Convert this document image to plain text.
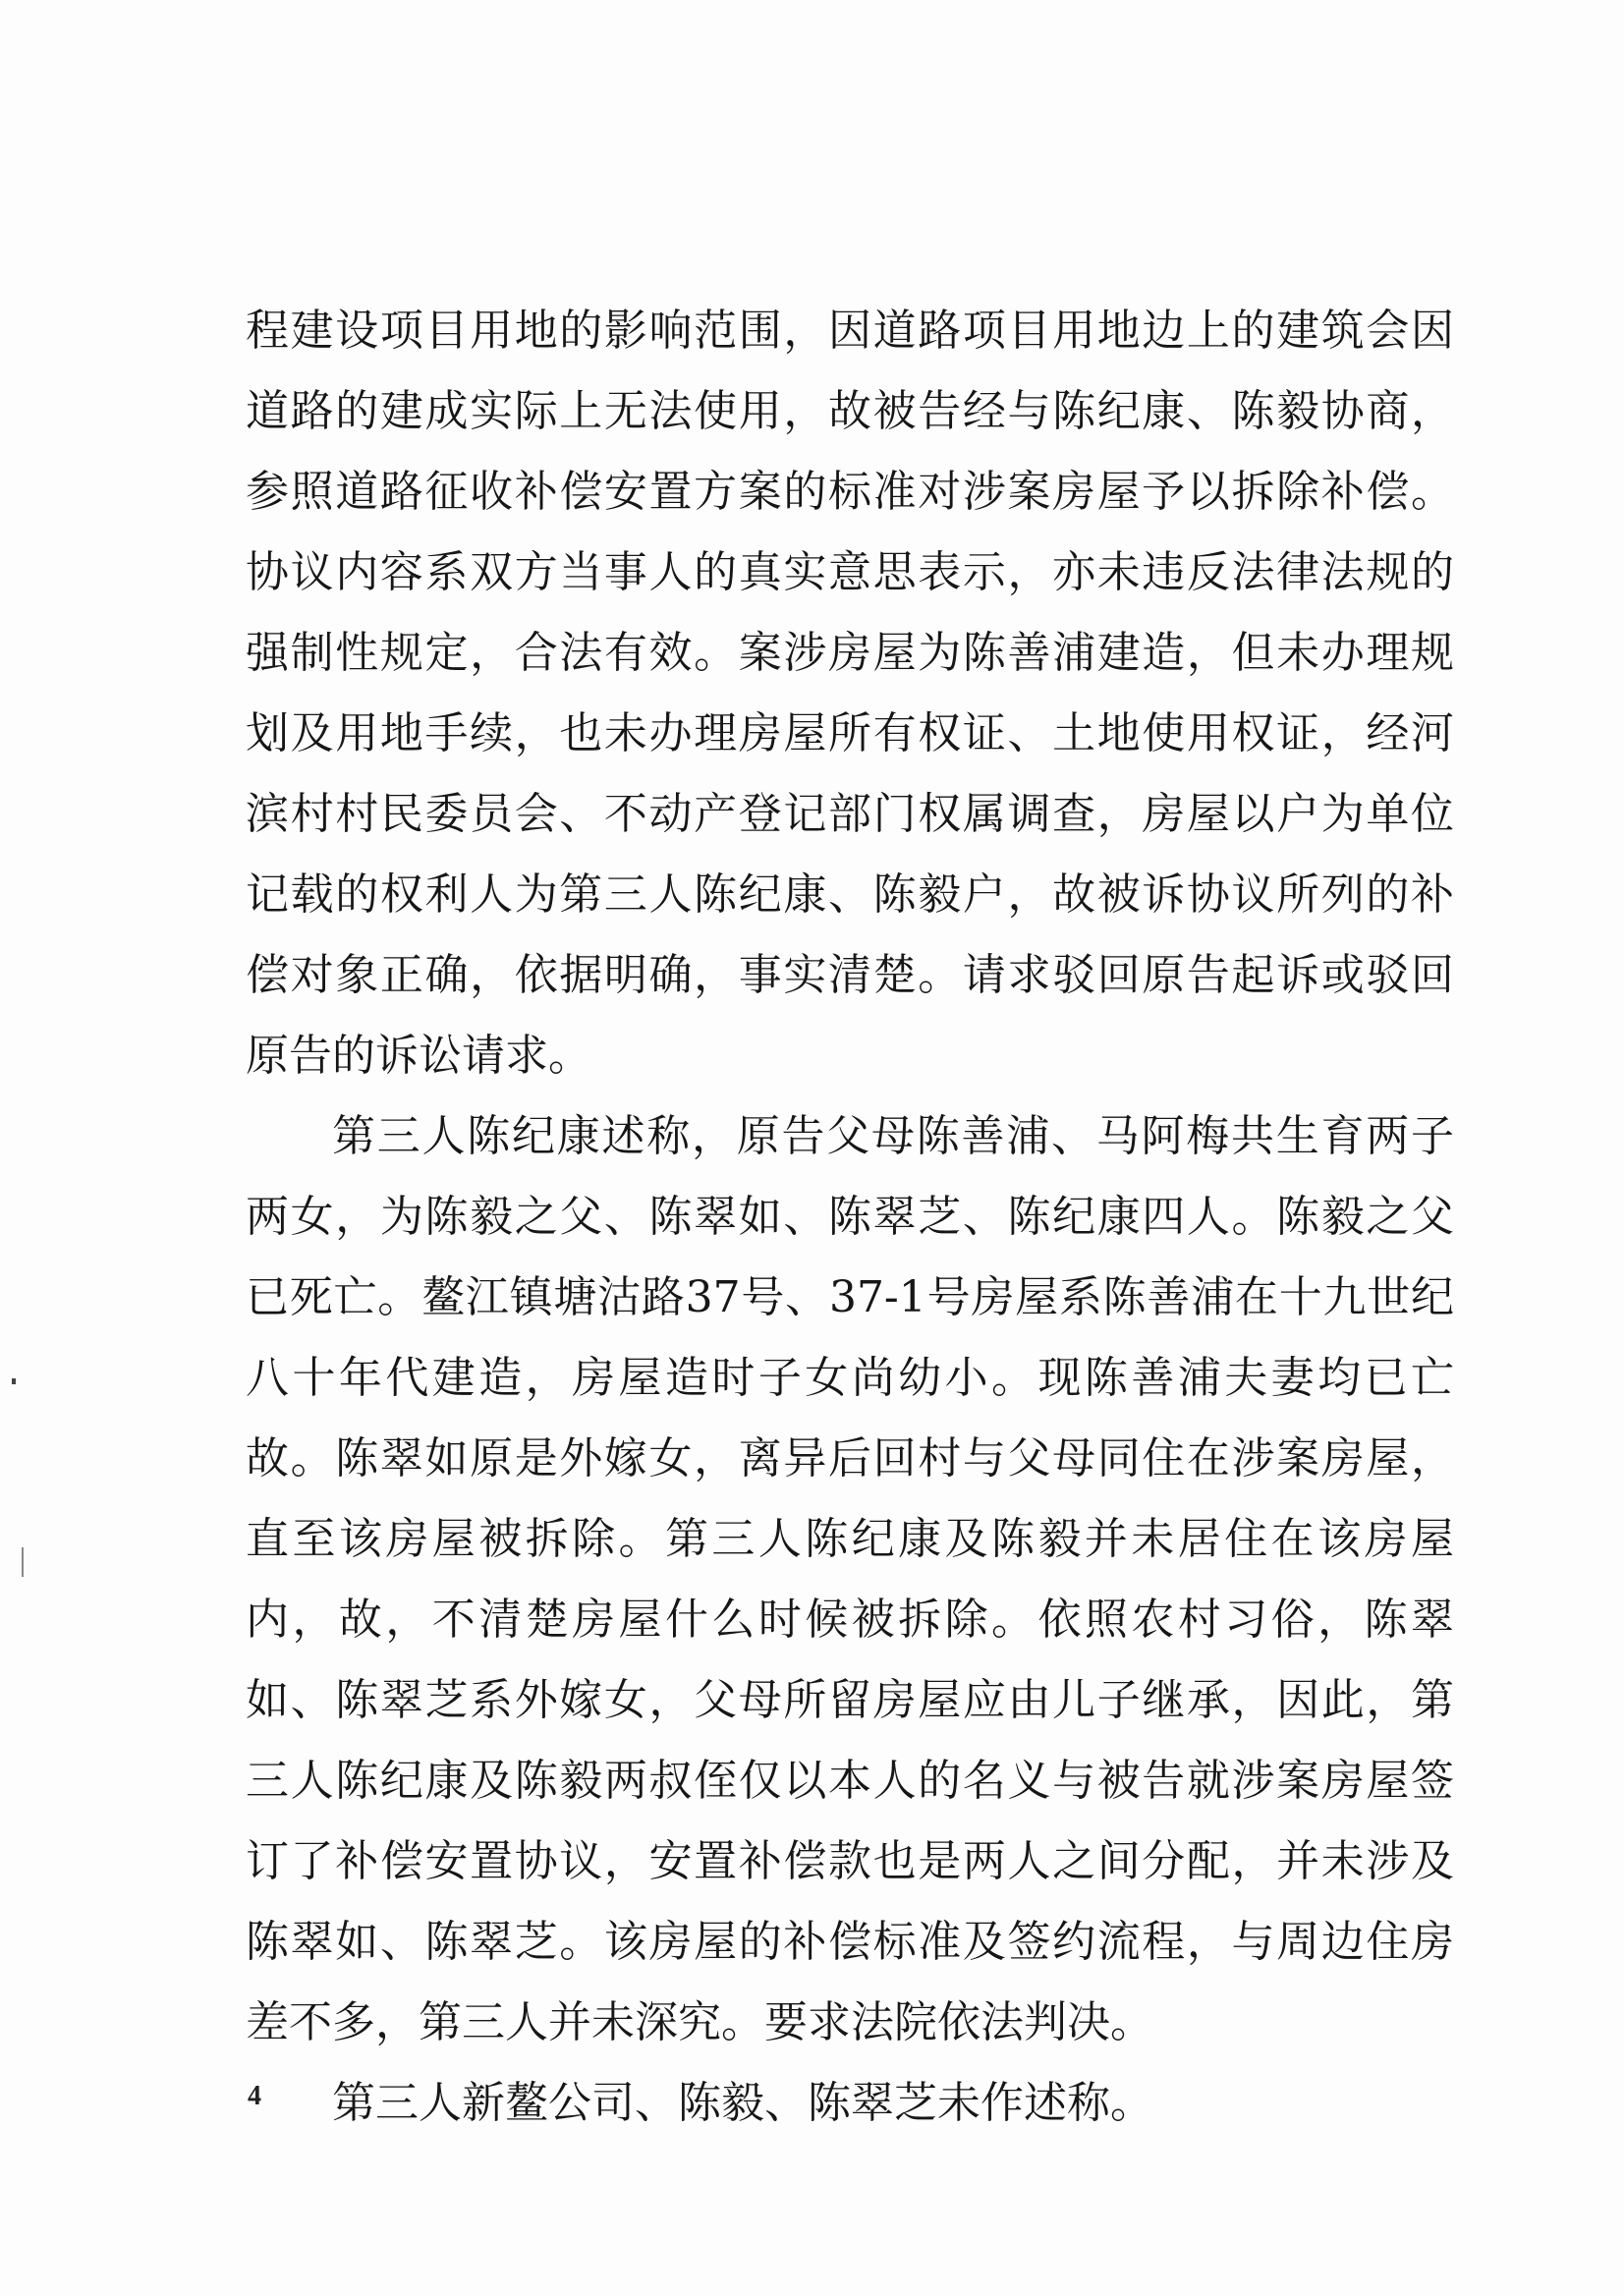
程建设项目用地的影响范围，因道路项目用地边上的建筑会因道路的建成实际上无法使用，故被告经与陈纪康、陈毅协商，参照道路征收补偿安置方案的标准对涉案房屋予以拆除补偿。协议内容系双方当事人的真实意思表示，亦未违反法律法规的强制性规定，合法有效。案涉房屋为陈善浦建造，但未办理规划及用地手续，也未办理房屋所有权证、土地使用权证，经河滨村村民委员会、不动产登记部门权属调查，房屋以户为单位记载的权利人为第三人陈纪康、陈毅户，故被诉协议所列的补偿对象正确，依据明确，事实清楚。请求驳回原告起诉或驳回原告的诉讼请求。

第三人陈纪康述称，原告父母陈善浦、马阿梅共生育两子两女，为陈毅之父、陈翠如、陈翠芝、陈纪康四人。陈毅之父已死亡。鳌江镇塘沽路37号、37-1号房屋系陈善浦在十九世纪八十年代建造，房屋造时子女尚幼小。现陈善浦夫妻均已亡故。陈翠如原是外嫁女，离异后回村与父母同住在涉案房屋，直至该房屋被拆除。第三人陈纪康及陈毅并未居住在该房屋内，故，不清楚房屋什么时候被拆除。依照农村习俗，陈翠如、陈翠芝系外嫁女，父母所留房屋应由儿子继承，因此，第三人陈纪康及陈毅两叔侄仅以本人的名义与被告就涉案房屋签订了补偿安置协议，安置补偿款也是两人之间分配，并未涉及陈翠如、陈翠芝。该房屋的补偿标准及签约流程，与周边住房差不多，第三人并未深究。要求法院依法判决。

第三人新鳌公司、陈毅、陈翠芝未作述称。

4
